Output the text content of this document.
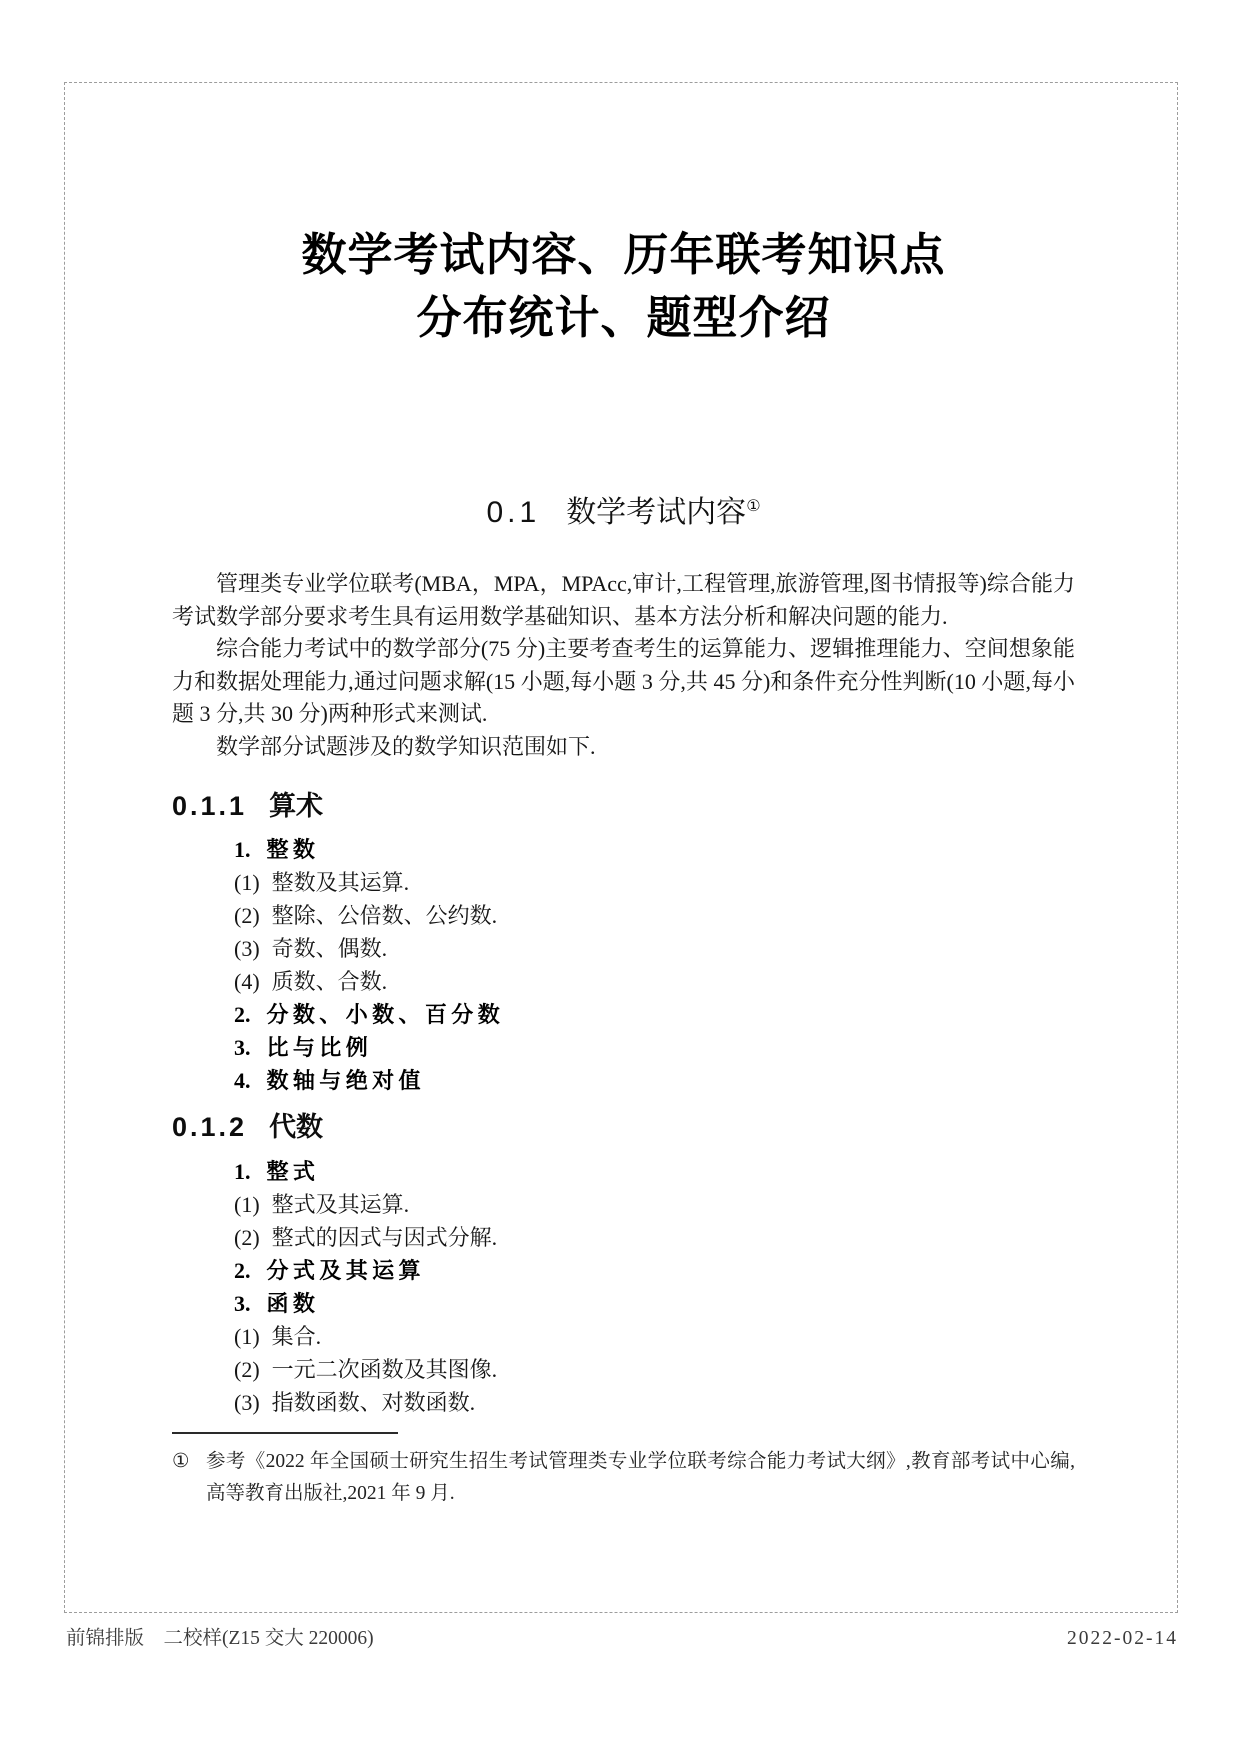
数学考试内容、历年联考知识点
分布统计、题型介绍
0.1 数学考试内容①

管理类专业学位联考(MBA，MPA，MPAcc,审计,工程管理,旅游管理,图书情报等)综合能力考试数学部分要求考生具有运用数学基础知识、基本方法分析和解决问题的能力.

综合能力考试中的数学部分(75 分)主要考查考生的运算能力、逻辑推理能力、空间想象能力和数据处理能力,通过问题求解(15 小题,每小题 3 分,共 45 分)和条件充分性判断(10 小题,每小题 3 分,共 30 分)两种形式来测试.

数学部分试题涉及的数学知识范围如下.

0.1.1 算术
1. 整数
(1) 整数及其运算.
(2) 整除、公倍数、公约数.
(3) 奇数、偶数.
(4) 质数、合数.
2. 分数、小数、百分数
3. 比与比例
4. 数轴与绝对值
0.1.2 代数
1. 整式
(1) 整式及其运算.
(2) 整式的因式与因式分解.
2. 分式及其运算
3. 函数
(1) 集合.
(2) 一元二次函数及其图像.
(3) 指数函数、对数函数.
① 参考《2022 年全国硕士研究生招生考试管理类专业学位联考综合能力考试大纲》,教育部考试中心编,高等教育出版社,2021 年 9 月.
前锦排版　二校样(Z15 交大 220006)	2022-02-14
